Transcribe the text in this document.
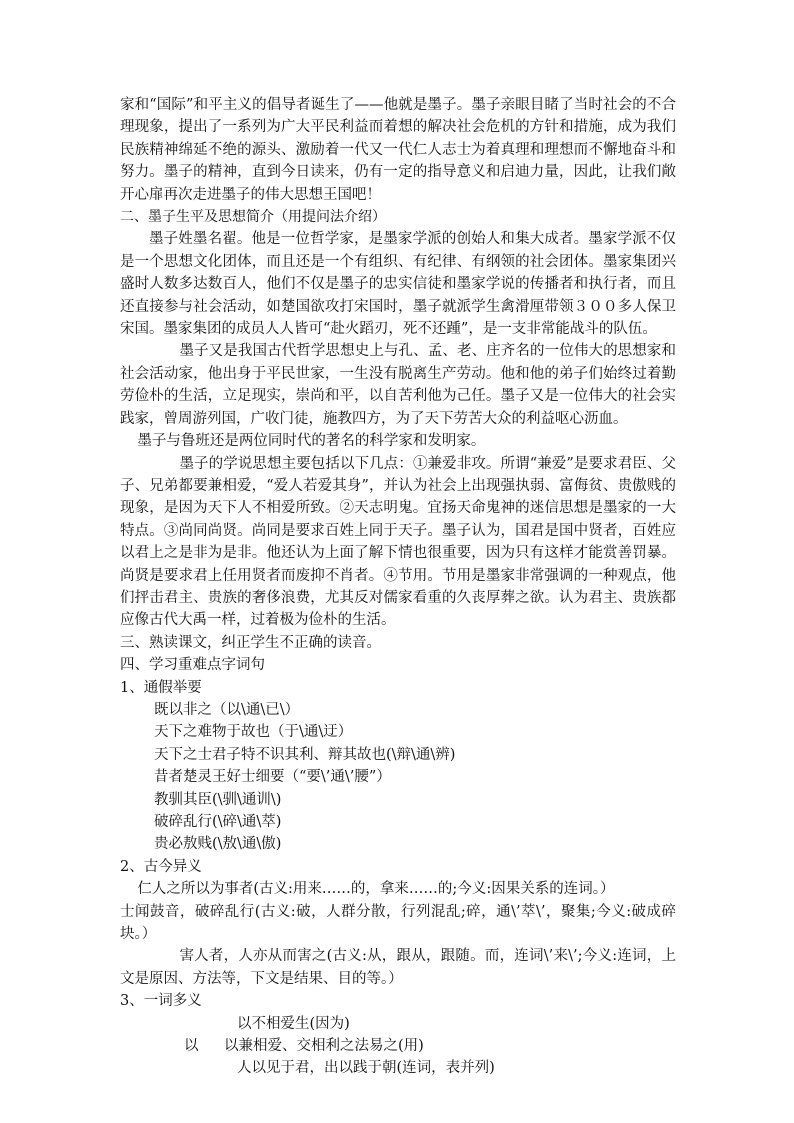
家和“国际”和平主义的倡导者诞生了——他就是墨子。墨子亲眼目睹了当时社会的不合理现象，提出了一系列为广大平民利益而着想的解决社会危机的方针和措施，成为我们民族精神绵延不绝的源头、激励着一代又一代仁人志士为着真理和理想而不懈地奋斗和努力。墨子的精神，直到今日读来，仍有一定的指导意义和启迪力量，因此，让我们敞开心扉再次走进墨子的伟大思想王国吧！

二、墨子生平及思想简介（用提问法介绍）

墨子姓墨名翟。他是一位哲学家，是墨家学派的创始人和集大成者。墨家学派不仅是一个思想文化团体，而且还是一个有组织、有纪律、有纲领的社会团体。墨家集团兴盛时人数多达数百人，他们不仅是墨子的忠实信徒和墨家学说的传播者和执行者，而且还直接参与社会活动，如楚国欲攻打宋国时，墨子就派学生禽滑厘带领３００多人保卫宋国。墨家集团的成员人人皆可“赴火蹈刃，死不还踵”，是一支非常能战斗的队伍。

墨子又是我国古代哲学思想史上与孔、孟、老、庄齐名的一位伟大的思想家和社会活动家，他出身于平民世家，一生没有脱离生产劳动。他和他的弟子们始终过着勤劳俭朴的生活，立足现实，崇尚和平，以自苦利他为己任。墨子又是一位伟大的社会实践家，曾周游列国，广收门徒，施教四方，为了天下劳苦大众的利益呕心沥血。

墨子与鲁班还是两位同时代的著名的科学家和发明家。

墨子的学说思想主要包括以下几点：①兼爱非攻。所谓“兼爱”是要求君臣、父子、兄弟都要兼相爱，“爱人若爱其身”，并认为社会上出现强执弱、富侮贫、贵傲贱的现象，是因为天下人不相爱所致。②天志明鬼。宜扬天命鬼神的迷信思想是墨家的一大特点。③尚同尚贤。尚同是要求百姓上同于天子。墨子认为，国君是国中贤者，百姓应以君上之是非为是非。他还认为上面了解下情也很重要，因为只有这样才能赏善罚暴。尚贤是要求君上任用贤者而废抑不肖者。④节用。节用是墨家非常强调的一种观点，他们抨击君主、贵族的奢侈浪费，尤其反对儒家看重的久丧厚葬之欲。认为君主、贵族都应像古代大禹一样，过着极为俭朴的生活。

三、熟读课文，纠正学生不正确的读音。

四、学习重难点字词句

1、通假举要

既以非之（以\通\已\）

天下之难物于故也（于\通\迂）

天下之士君子特不识其利、辩其故也(\辩\通\辨)

昔者楚灵王好士细要（“要\’通\’腰”）

教驯其臣(\驯\通训\)

破碎乱行(\碎\通\萃)

贵必敖贱(\敖\通\傲)

2、古今异义

仁人之所以为事者(古义:用来……的，拿来……的;今义:因果关系的连词。）

士闻鼓音，破碎乱行(古义:破，人群分散，行列混乱;碎，通\’萃\’，聚集;今义:破成碎块。）

害人者，人亦从而害之(古义:从，跟从，跟随。而，连词\’来\’;今义:连词，上文是原因、方法等，下文是结果、目的等。）

3、一词多义

以不相爱生(因为)
以 以兼相爱、交相利之法易之(用)
人以见于君，出以践于朝(连词，表并列)
